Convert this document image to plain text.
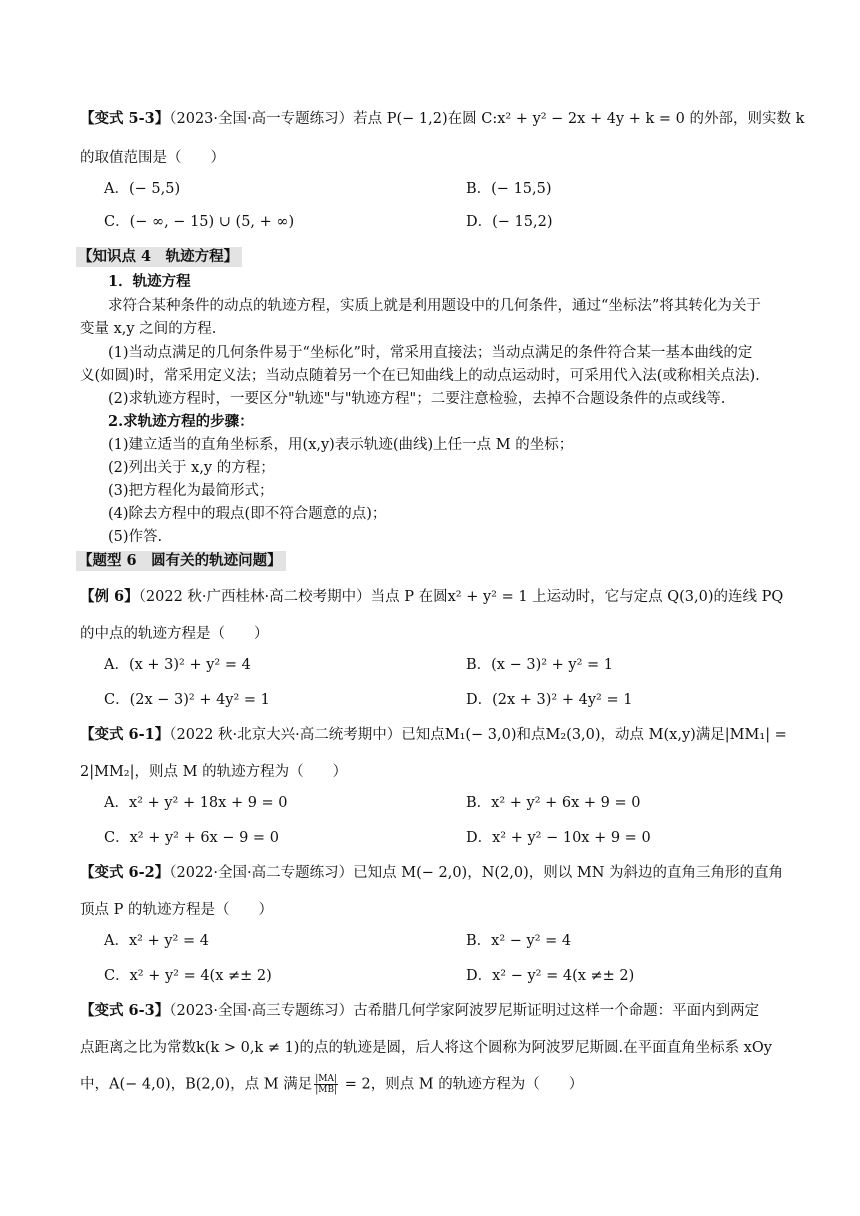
【变式 5-3】（2023·全国·高一专题练习）若点 P(− 1,2)在圆 C:x² + y² − 2x + 4y + k = 0 的外部，则实数 k
的取值范围是（　　）
A．(− 5,5)	B．(− 15,5)
C．(− ∞, − 15) ∪ (5, + ∞)	D．(− 15,2)
【知识点 4　轨迹方程】
1．轨迹方程
求符合某种条件的动点的轨迹方程，实质上就是利用题设中的几何条件，通过“坐标法”将其转化为关于
变量 x,y 之间的方程.
(1)当动点满足的几何条件易于“坐标化”时，常采用直接法；当动点满足的条件符合某一基本曲线的定
义(如圆)时，常采用定义法；当动点随着另一个在已知曲线上的动点运动时，可采用代入法(或称相关点法).
(2)求轨迹方程时，一要区分"轨迹"与"轨迹方程"；二要注意检验，去掉不合题设条件的点或线等.
2.求轨迹方程的步骤：
(1)建立适当的直角坐标系，用(x,y)表示轨迹(曲线)上任一点 M 的坐标；
(2)列出关于 x,y 的方程；
(3)把方程化为最简形式；
(4)除去方程中的瑕点(即不符合题意的点)；
(5)作答.
【题型 6　圆有关的轨迹问题】
【例 6】（2022 秋·广西桂林·高二校考期中）当点 P 在圆x² + y² = 1 上运动时，它与定点 Q(3,0)的连线 PQ
的中点的轨迹方程是（　　）
A．(x + 3)² + y² = 4	B．(x − 3)² + y² = 1
C．(2x − 3)² + 4y² = 1	D．(2x + 3)² + 4y² = 1
【变式 6-1】（2022 秋·北京大兴·高二统考期中）已知点M₁(− 3,0)和点M₂(3,0)，动点 M(x,y)满足|MM₁| =
2|MM₂|，则点 M 的轨迹方程为（　　）
A．x² + y² + 18x + 9 = 0	B．x² + y² + 6x + 9 = 0
C．x² + y² + 6x − 9 = 0	D．x² + y² − 10x + 9 = 0
【变式 6-2】（2022·全国·高二专题练习）已知点 M(− 2,0)，N(2,0)，则以 MN 为斜边的直角三角形的直角
顶点 P 的轨迹方程是（　　）
A．x² + y² = 4	B．x² − y² = 4
C．x² + y² = 4(x ≠± 2)	D．x² − y² = 4(x ≠± 2)
【变式 6-3】（2023·全国·高三专题练习）古希腊几何学家阿波罗尼斯证明过这样一个命题：平面内到两定
点距离之比为常数k(k > 0,k ≠ 1)的点的轨迹是圆，后人将这个圆称为阿波罗尼斯圆.在平面直角坐标系 xOy
中，A(− 4,0)，B(2,0)，点 M 满足 $\frac{|MA|}{|MB|} = 2$，则点 M 的轨迹方程为（　　）
